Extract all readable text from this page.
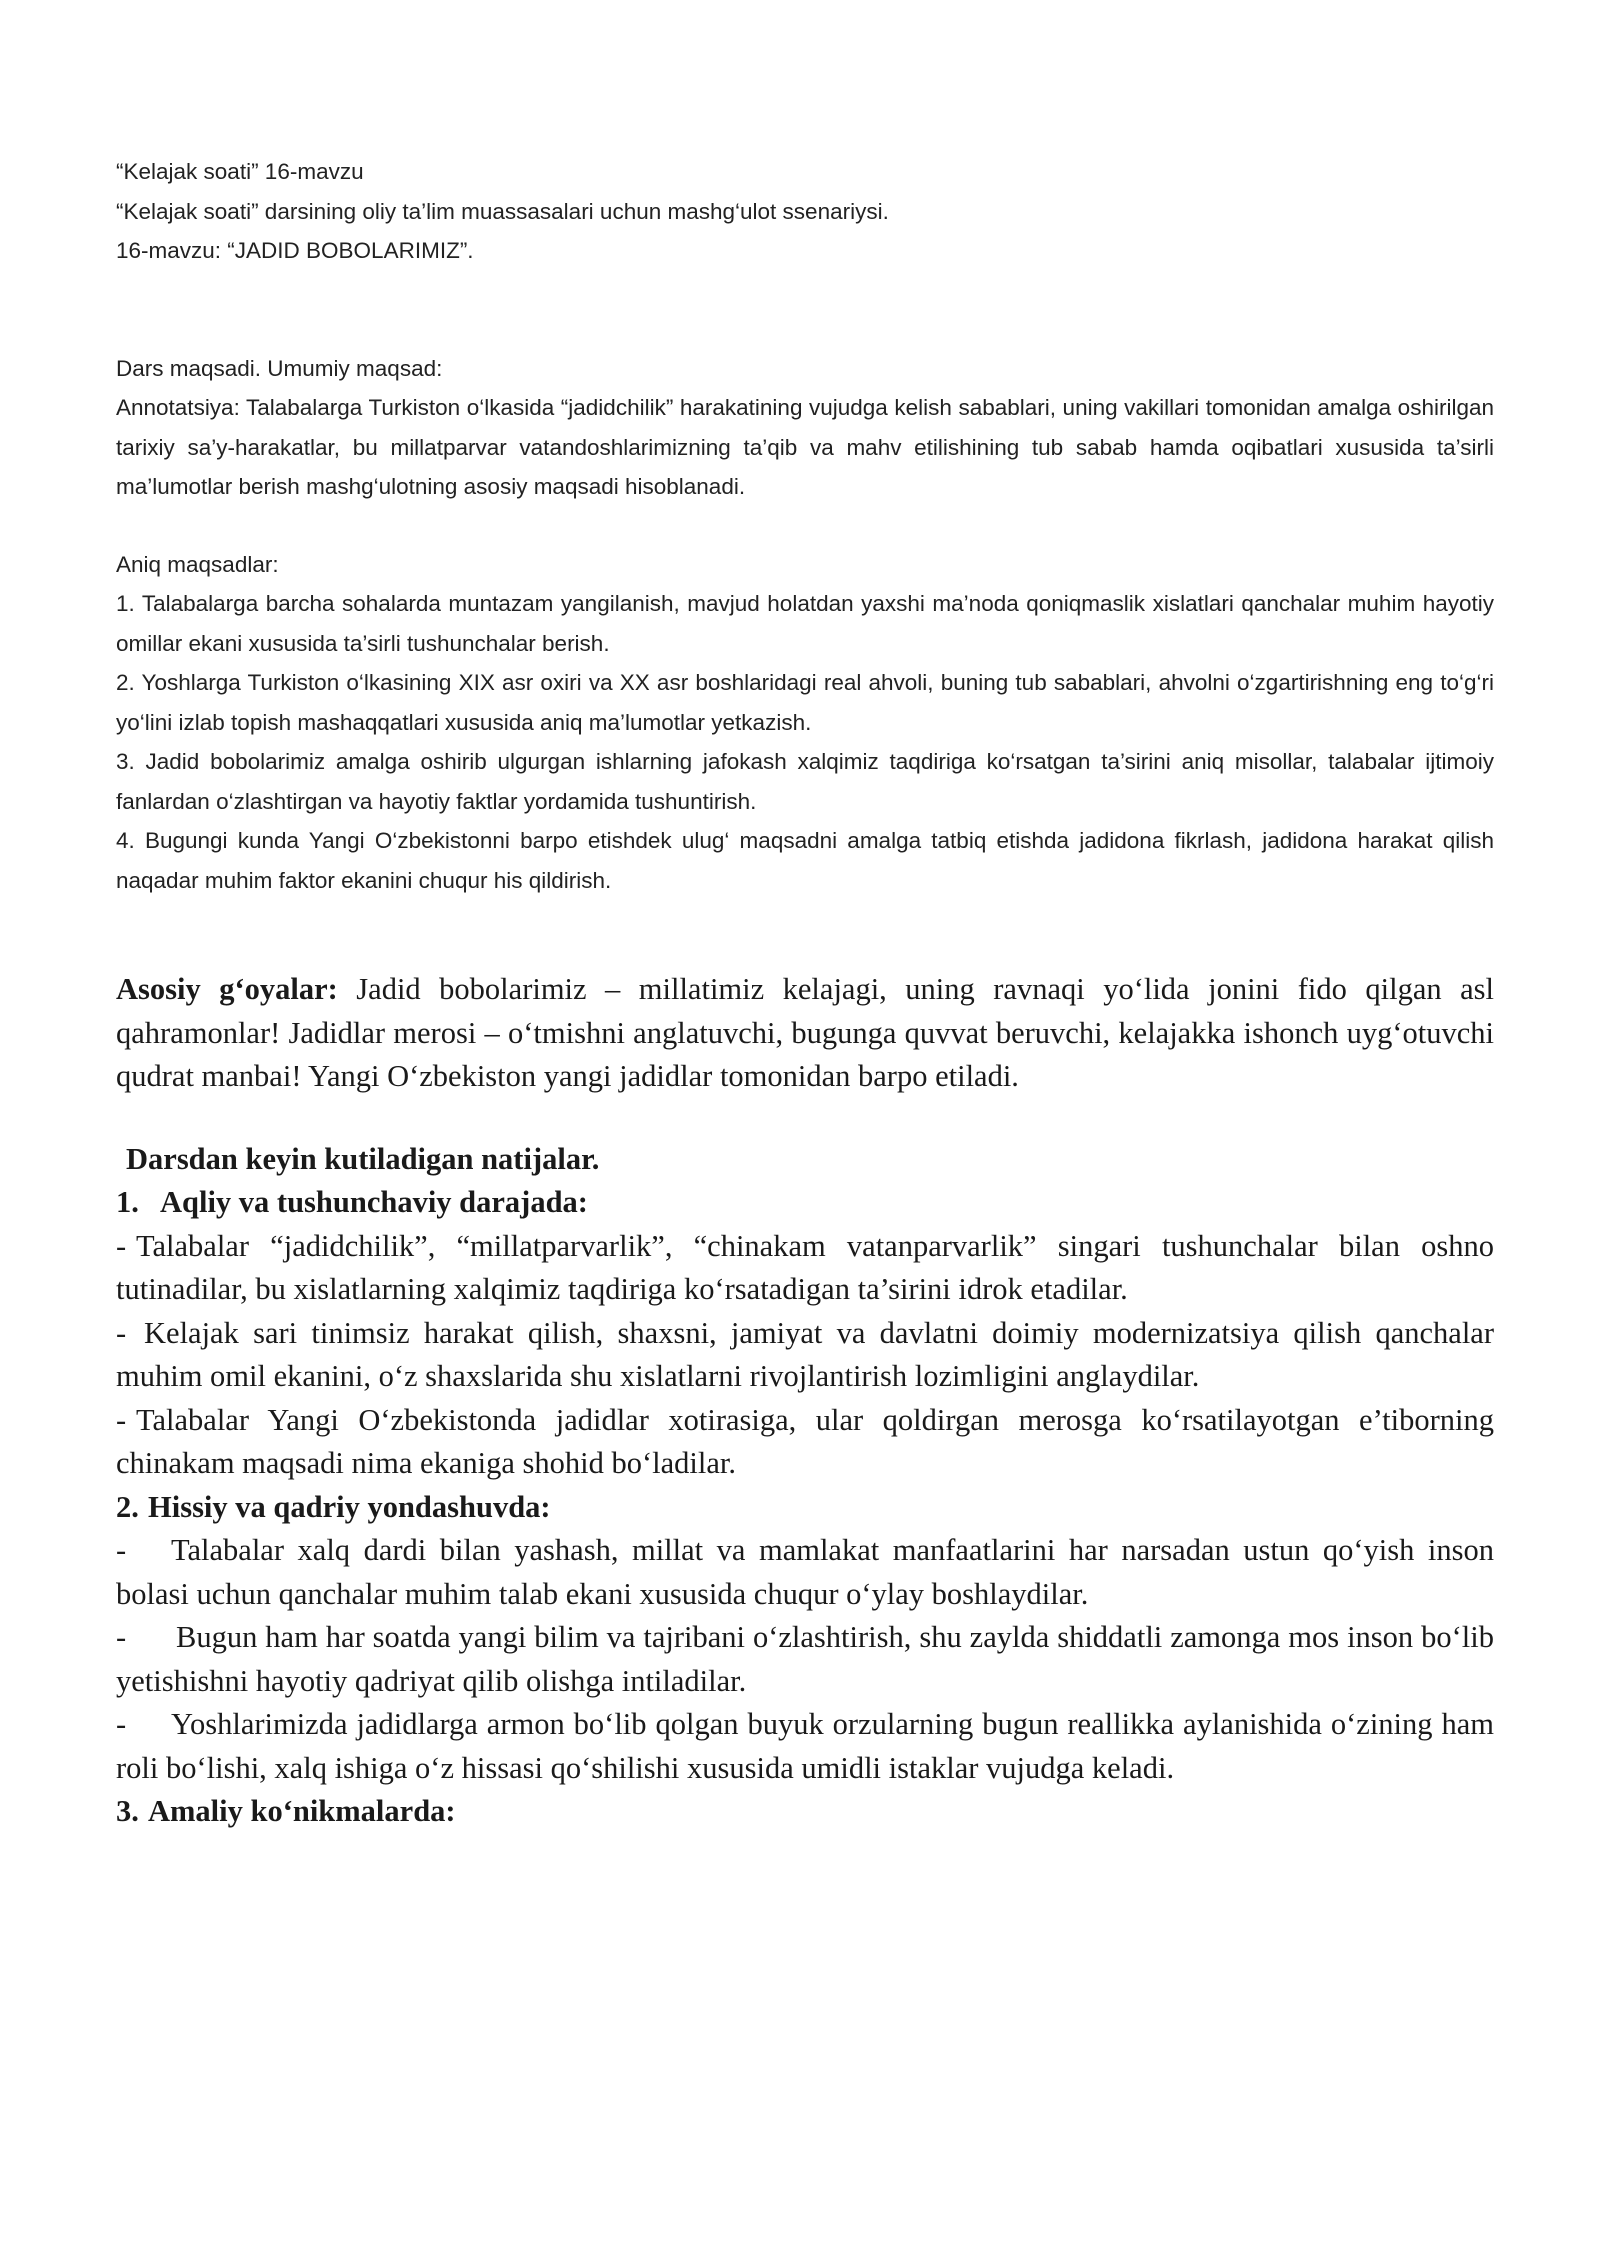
“Kelajak soati” 16-mavzu
“Kelajak soati” darsining oliy ta’lim muassasalari uchun mashg‘ulot ssenariysi.
16-mavzu: “JADID BOBOLARIMIZ”.
Dars maqsadi. Umumiy maqsad:

Annotatsiya: Talabalarga Turkiston o‘lkasida “jadidchilik” harakatining vujudga kelish sabablari, uning vakillari tomonidan amalga oshirilgan tarixiy sa’y-harakatlar, bu millatparvar vatandoshlarimizning ta’qib va mahv etilishining tub sabab hamda oqibatlari xususida ta’sirli ma’lumotlar berish mashg‘ulotning asosiy maqsadi hisoblanadi.

Aniq maqsadlar:

1. Talabalarga barcha sohalarda muntazam yangilanish, mavjud holatdan yaxshi ma’noda qoniqmaslik xislatlari qanchalar muhim hayotiy omillar ekani xususida ta’sirli tushunchalar berish.

2. Yoshlarga Turkiston o‘lkasining XIX asr oxiri va XX asr boshlaridagi real ahvoli, buning tub sabablari, ahvolni o‘zgartirishning eng to‘g‘ri yo‘lini izlab topish mashaqqatlari xususida aniq ma’lumotlar yetkazish.

3. Jadid bobolarimiz amalga oshirib ulgurgan ishlarning jafokash xalqimiz taqdiriga ko‘rsatgan ta’sirini aniq misollar, talabalar ijtimoiy fanlardan o‘zlashtirgan va hayotiy faktlar yordamida tushuntirish.

4. Bugungi kunda Yangi O‘zbekistonni barpo etishdek ulug‘ maqsadni amalga tatbiq etishda jadidona fikrlash, jadidona harakat qilish naqadar muhim faktor ekanini chuqur his qildirish.

Asosiy g‘oyalar: Jadid bobolarimiz – millatimiz kelajagi, uning ravnaqi yo‘lida jonini fido qilgan asl qahramonlar! Jadidlar merosi – o‘tmishni anglatuvchi, bugunga quvvat beruvchi, kelajakka ishonch uyg‘otuvchi qudrat manbai! Yangi O‘zbekiston yangi jadidlar tomonidan barpo etiladi.

Darsdan keyin kutiladigan natijalar.
1. Aqliy va tushunchaviy darajada:

- Talabalar “jadidchilik”, “millatparvarlik”, “chinakam vatanparvarlik” singari tushunchalar bilan oshno tutinadilar, bu xislatlarning xalqimiz taqdiriga ko‘rsatadigan ta’sirini idrok etadilar.

- Kelajak sari tinimsiz harakat qilish, shaxsni, jamiyat va davlatni doimiy modernizatsiya qilish qanchalar muhim omil ekanini, o‘z shaxslarida shu xislatlarni rivojlantirish lozimligini anglaydilar.

- Talabalar Yangi O‘zbekistonda jadidlar xotirasiga, ular qoldirgan merosga ko‘rsatilayotgan e’tiborning chinakam maqsadi nima ekaniga shohid bo‘ladilar.

2. Hissiy va qadriy yondashuvda:

- Talabalar xalq dardi bilan yashash, millat va mamlakat manfaatlarini har narsadan ustun qo‘yish inson bolasi uchun qanchalar muhim talab ekani xususida chuqur o‘ylay boshlaydilar.

- Bugun ham har soatda yangi bilim va tajribani o‘zlashtirish, shu zaylda shiddatli zamonga mos inson bo‘lib yetishishni hayotiy qadriyat qilib olishga intiladilar.

- Yoshlarimizda jadidlarga armon bo‘lib qolgan buyuk orzularning bugun reallikka aylanishida o‘zining ham roli bo‘lishi, xalq ishiga o‘z hissasi qo‘shilishi xususida umidli istaklar vujudga keladi.

3. Amaliy ko‘nikmalarda:
